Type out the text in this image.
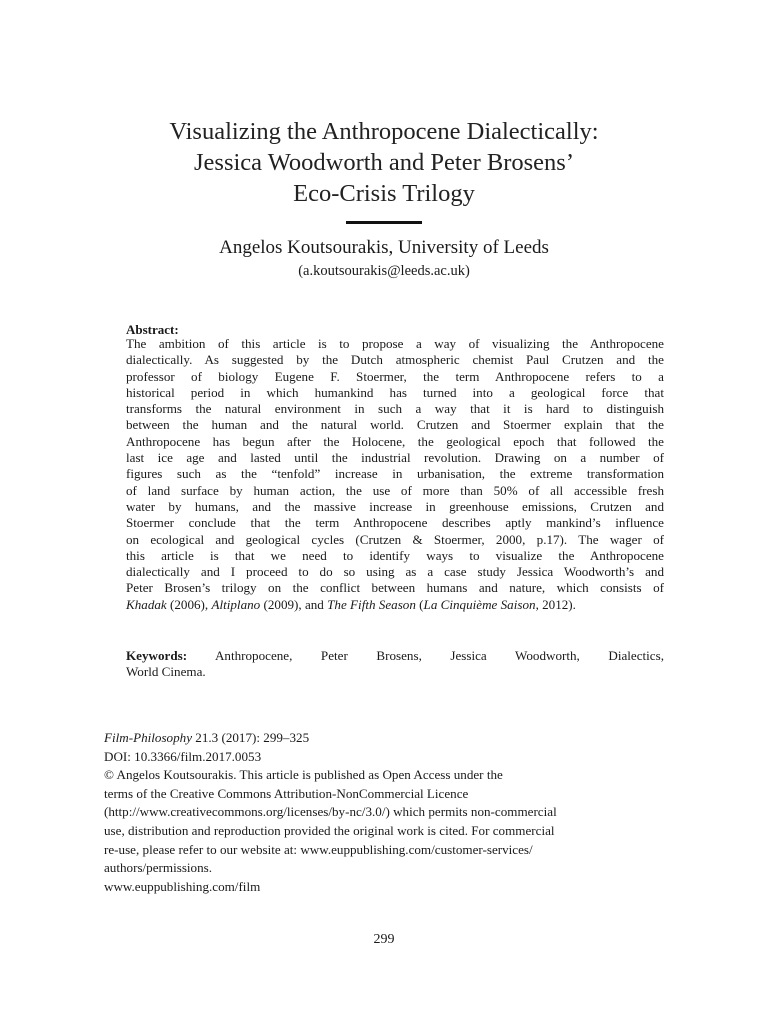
Visualizing the Anthropocene Dialectically:
Jessica Woodworth and Peter Brosens’
Eco-Crisis Trilogy
Angelos Koutsourakis, University of Leeds
(a.koutsourakis@leeds.ac.uk)
Abstract:
The ambition of this article is to propose a way of visualizing the Anthropocene
dialectically. As suggested by the Dutch atmospheric chemist Paul Crutzen and the
professor of biology Eugene F. Stoermer, the term Anthropocene refers to a
historical period in which humankind has turned into a geological force that
transforms the natural environment in such a way that it is hard to distinguish
between the human and the natural world. Crutzen and Stoermer explain that the
Anthropocene has begun after the Holocene, the geological epoch that followed the
last ice age and lasted until the industrial revolution. Drawing on a number of
figures such as the “tenfold” increase in urbanisation, the extreme transformation
of land surface by human action, the use of more than 50% of all accessible fresh
water by humans, and the massive increase in greenhouse emissions, Crutzen and
Stoermer conclude that the term Anthropocene describes aptly mankind’s influence
on ecological and geological cycles (Crutzen & Stoermer, 2000, p.17). The wager of
this article is that we need to identify ways to visualize the Anthropocene
dialectically and I proceed to do so using as a case study Jessica Woodworth’s and
Peter Brosen’s trilogy on the conflict between humans and nature, which consists of
Khadak (2006), Altiplano (2009), and The Fifth Season (La Cinquième Saison, 2012).
Keywords: Anthropocene, Peter Brosens, Jessica Woodworth, Dialectics,
World Cinema.
Film-Philosophy 21.3 (2017): 299–325
DOI: 10.3366/film.2017.0053
© Angelos Koutsourakis. This article is published as Open Access under the
terms of the Creative Commons Attribution-NonCommercial Licence
(http://www.creativecommons.org/licenses/by-nc/3.0/) which permits non-commercial
use, distribution and reproduction provided the original work is cited. For commercial
re-use, please refer to our website at: www.euppublishing.com/customer-services/
authors/permissions.
www.euppublishing.com/film
299
